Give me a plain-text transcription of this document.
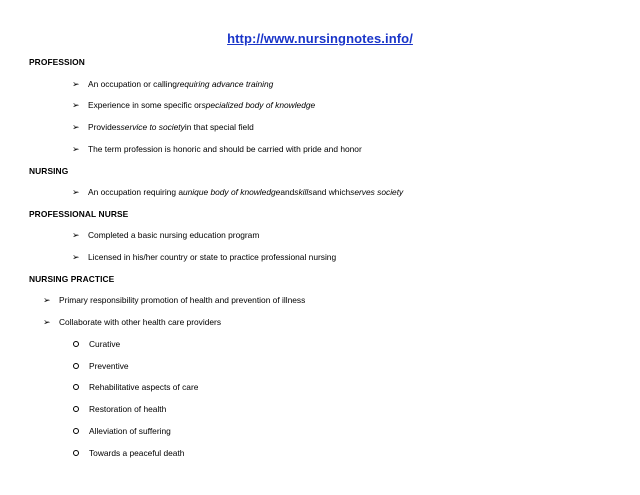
http://www.nursingnotes.info/
PROFESSION
➢	An occupation or calling requiring advance training
➢	Experience in some specific or specialized body of knowledge
➢	Provides service to society in that special field
➢	The term profession is honoric and should be carried with pride and honor
NURSING
➢	An occupation requiring a unique body of knowledge and skills and which serves society
PROFESSIONAL NURSE
➢	Completed a basic nursing education program
➢	Licensed in his/her country or state to practice professional nursing
NURSING PRACTICE
➢	Primary responsibility promotion of health and prevention of illness
➢	Collaborate with other health care providers
Curative
Preventive
Rehabilitative aspects of care
Restoration of health
Alleviation of suffering
Towards a peaceful death
